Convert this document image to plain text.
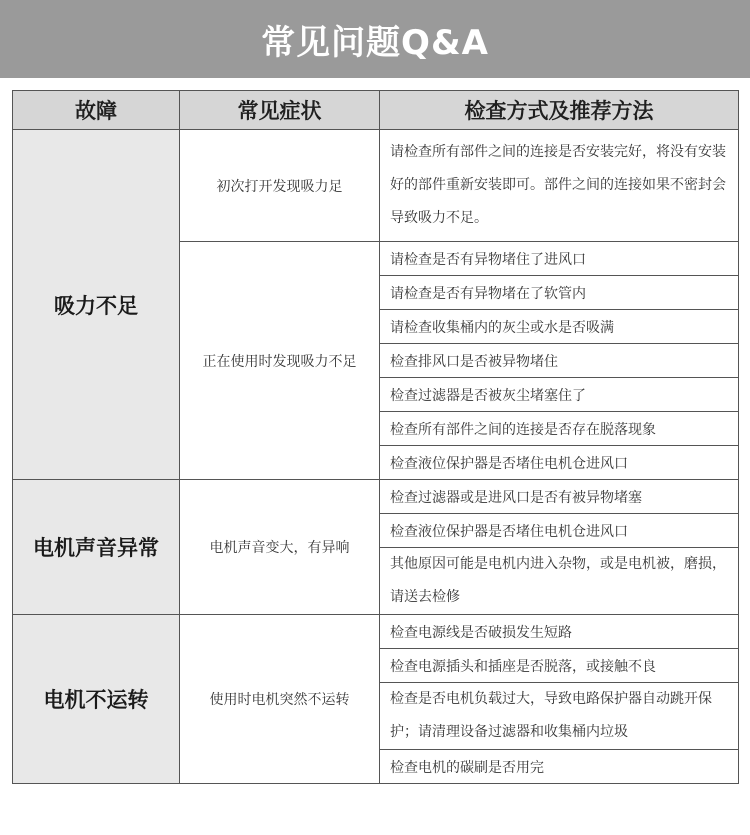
常见问题Q&A
故障	常见症状	检查方式及推荐方法
吸力不足	初次打开发现吸力足	请检查所有部件之间的连接是否安装完好，将没有安装好的部件重新安装即可。部件之间的连接如果不密封会导致吸力不足。
	正在使用时发现吸力不足	请检查是否有异物堵住了进风口
		请检查是否有异物堵在了软管内
		请检查收集桶内的灰尘或水是否吸满
		检查排风口是否被异物堵住
		检查过滤器是否被灰尘堵塞住了
		检查所有部件之间的连接是否存在脱落现象
		检查液位保护器是否堵住电机仓进风口
电机声音异常	电机声音变大，有异响	检查过滤器或是进风口是否有被异物堵塞
		检查液位保护器是否堵住电机仓进风口
		其他原因可能是电机内进入杂物，或是电机被，磨损，请送去检修
电机不运转	使用时电机突然不运转	检查电源线是否破损发生短路
		检查电源插头和插座是否脱落，或接触不良
		检查是否电机负载过大，导致电路保护器自动跳开保护；请清理设备过滤器和收集桶内垃圾
		检查电机的碳刷是否用完
